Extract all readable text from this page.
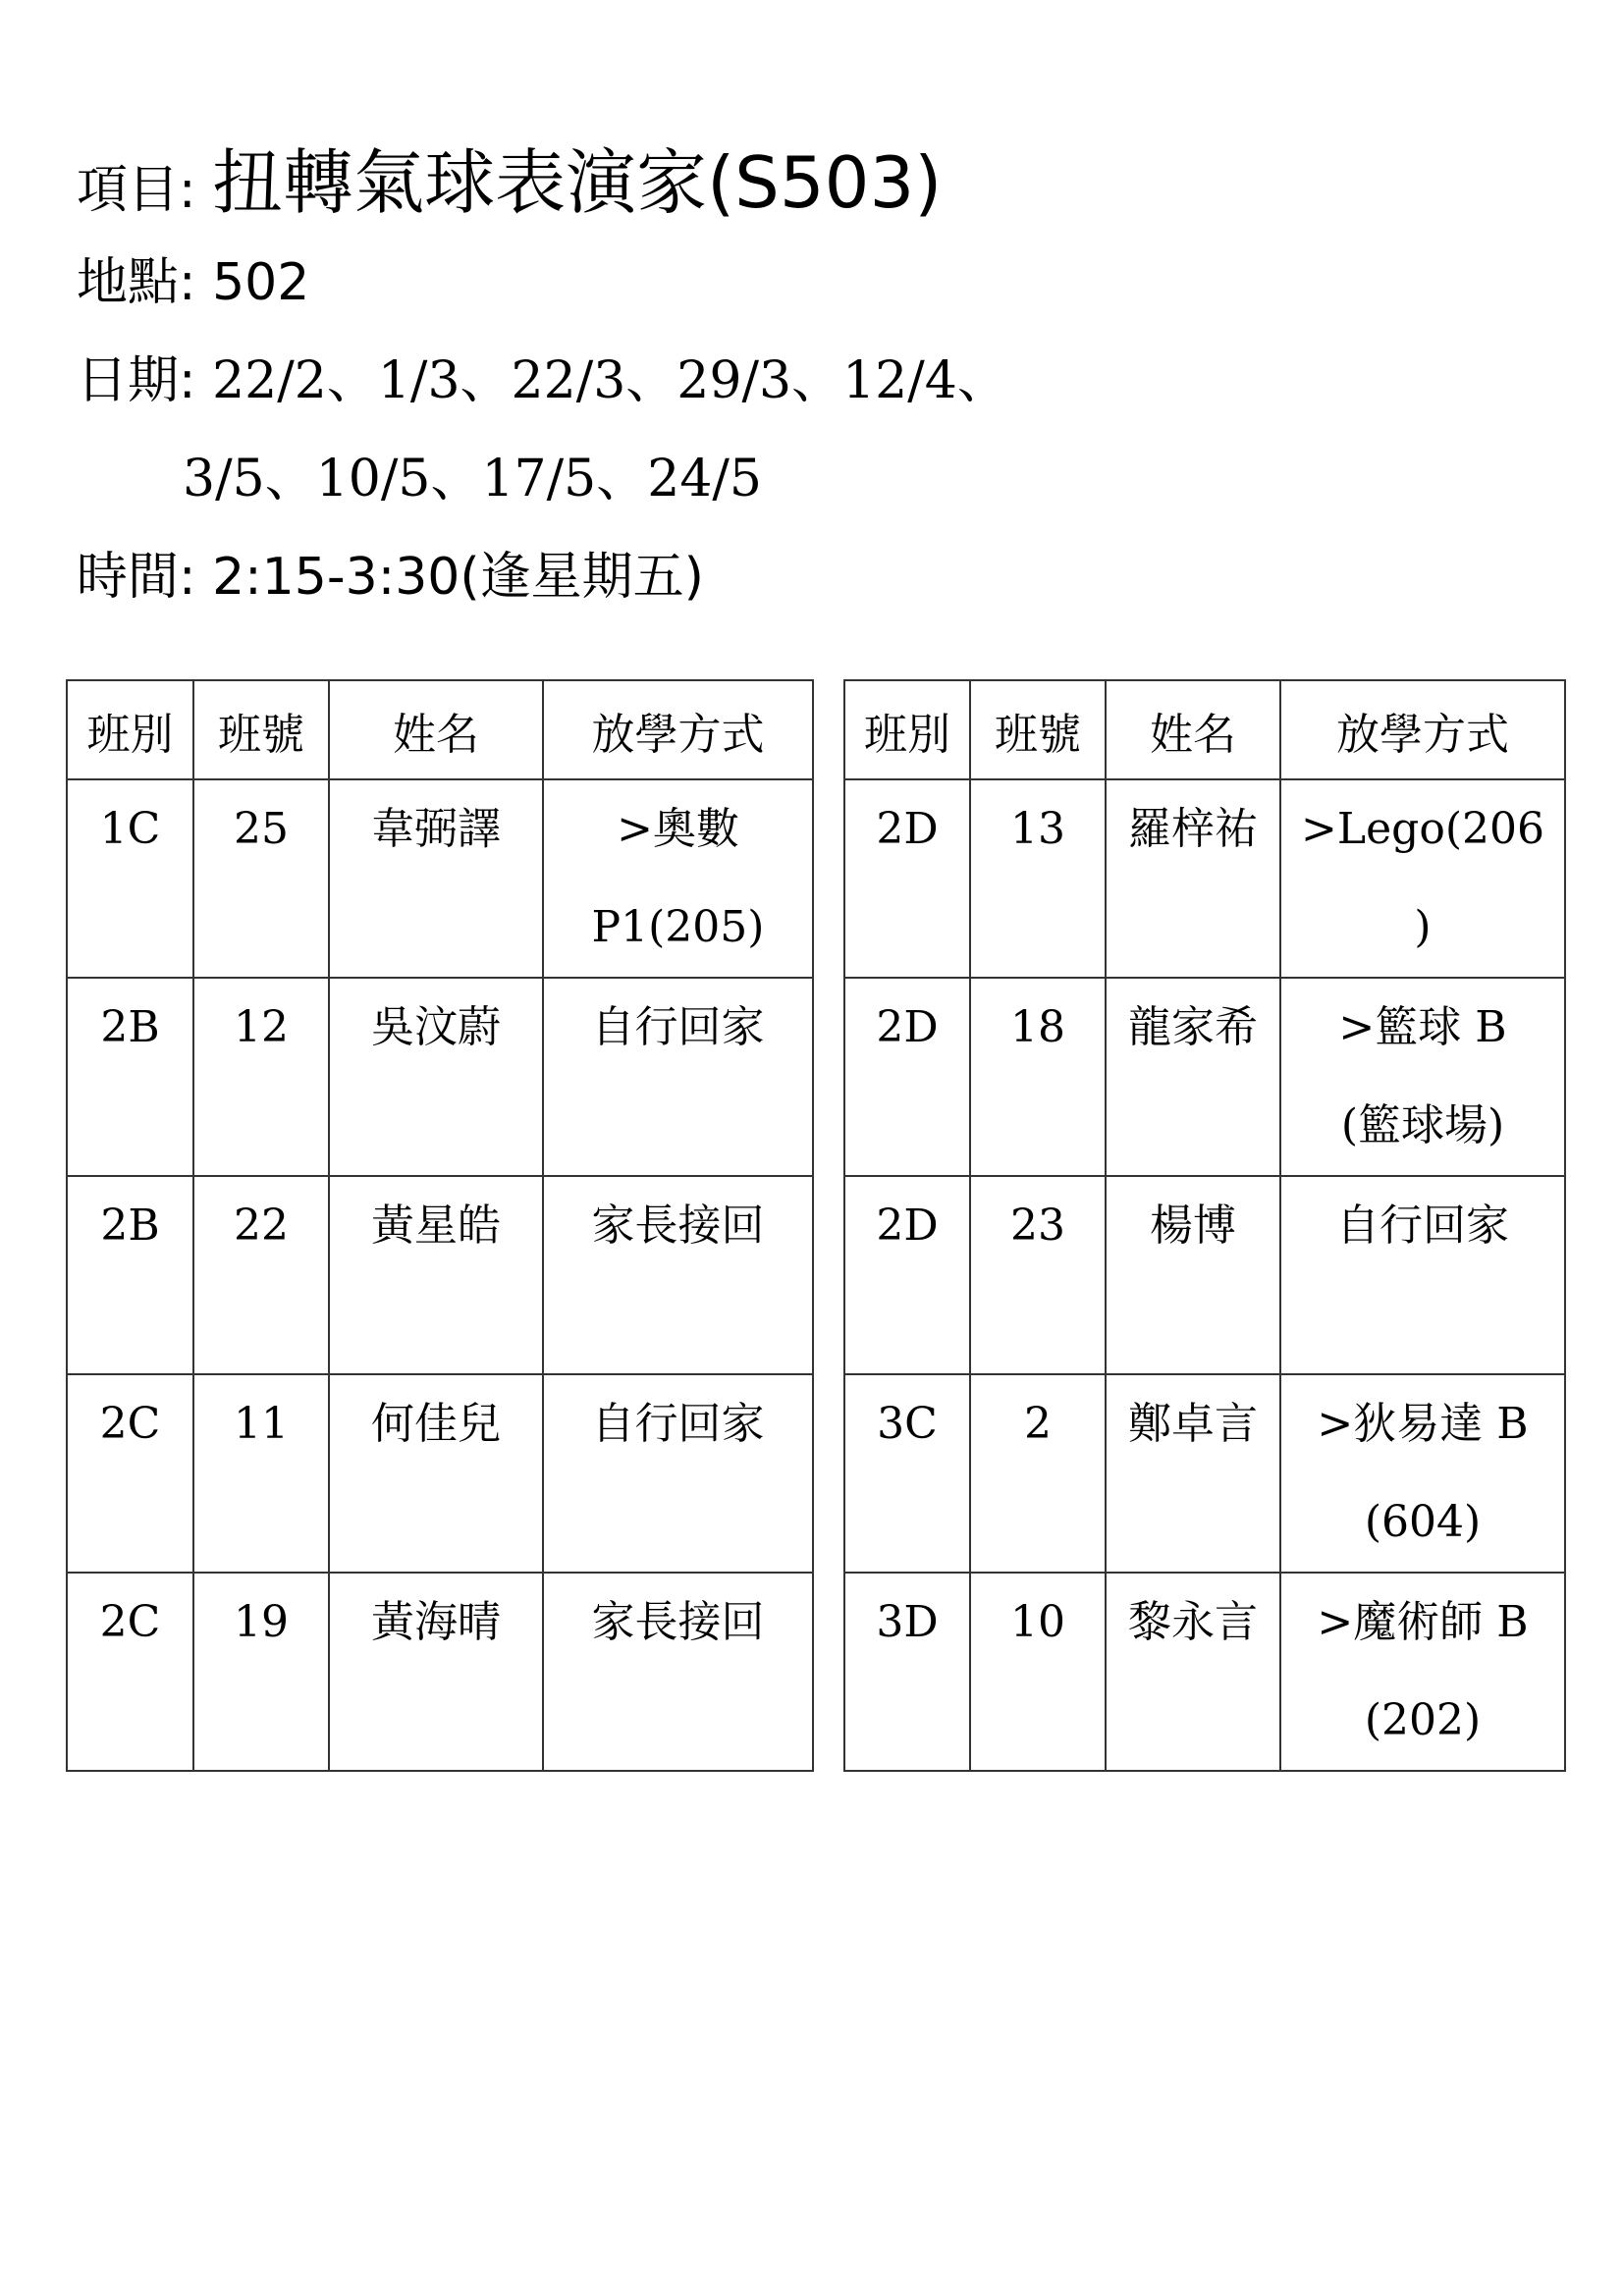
項目: 扭轉氣球表演家(S503)
地點: 502
日期: 22/2、1/3、22/3、29/3、12/4、
3/5、10/5、17/5、24/5
時間: 2:15-3:30(逢星期五)
班別	班號	姓名	放學方式
1C	25	韋弼譯	>奧數
P1(205)

2B	12	吳汶蔚	自行回家

2B	22	黃星皓	家長接回

2C	11	何佳兒	自行回家

2C	19	黃海晴	家長接回
班別	班號	姓名	放學方式
2D	13	羅梓祐	>Lego(206
)

2D	18	龍家希	>籃球 B
(籃球場)

2D	23	楊博	自行回家

3C	2	鄭卓言	>狄易達 B
(604)

3D	10	黎永言	>魔術師 B
(202)
